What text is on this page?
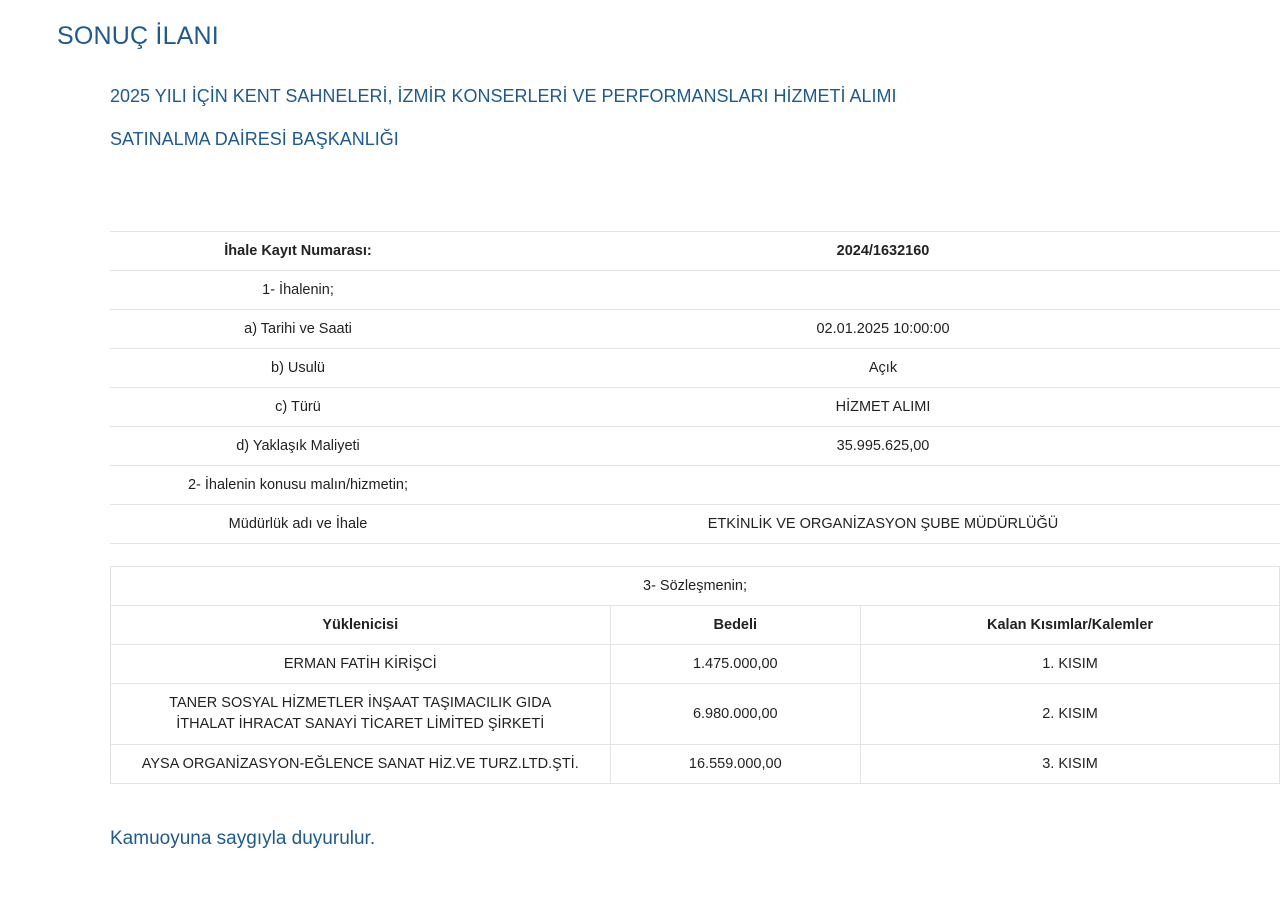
SONUÇ İLANI
2025 YILI İÇİN KENT SAHNELERİ, İZMİR KONSERLERİ VE PERFORMANSLARI HİZMETİ ALIMI
SATINALMA DAİRESİ BAŞKANLIĞI
İhale Kayıt Numarası:	2024/1632160
1- İhalenin;	
a) Tarihi ve Saati	02.01.2025 10:00:00
b) Usulü	Açık
c) Türü	HİZMET ALIMI
d) Yaklaşık Maliyeti	35.995.625,00
2- İhalenin konusu malın/hizmetin;	
Müdürlük adı ve İhale	ETKİNLİK VE ORGANİZASYON ŞUBE MÜDÜRLÜĞÜ
3- Sözleşmenin;		
Yüklenicisi	Bedeli	Kalan Kısımlar/Kalemler
ERMAN FATİH KİRİŞCİ	1.475.000,00	1. KISIM
TANER SOSYAL HİZMETLER İNŞAAT TAŞIMACILIK GIDA İTHALAT İHRACAT SANAYİ TİCARET LİMİTED ŞİRKETİ	6.980.000,00	2. KISIM
AYSA ORGANİZASYON-EĞLENCE SANAT HİZ.VE TURZ.LTD.ŞTİ.	16.559.000,00	3. KISIM

Kamuoyuna saygıyla duyurulur.
